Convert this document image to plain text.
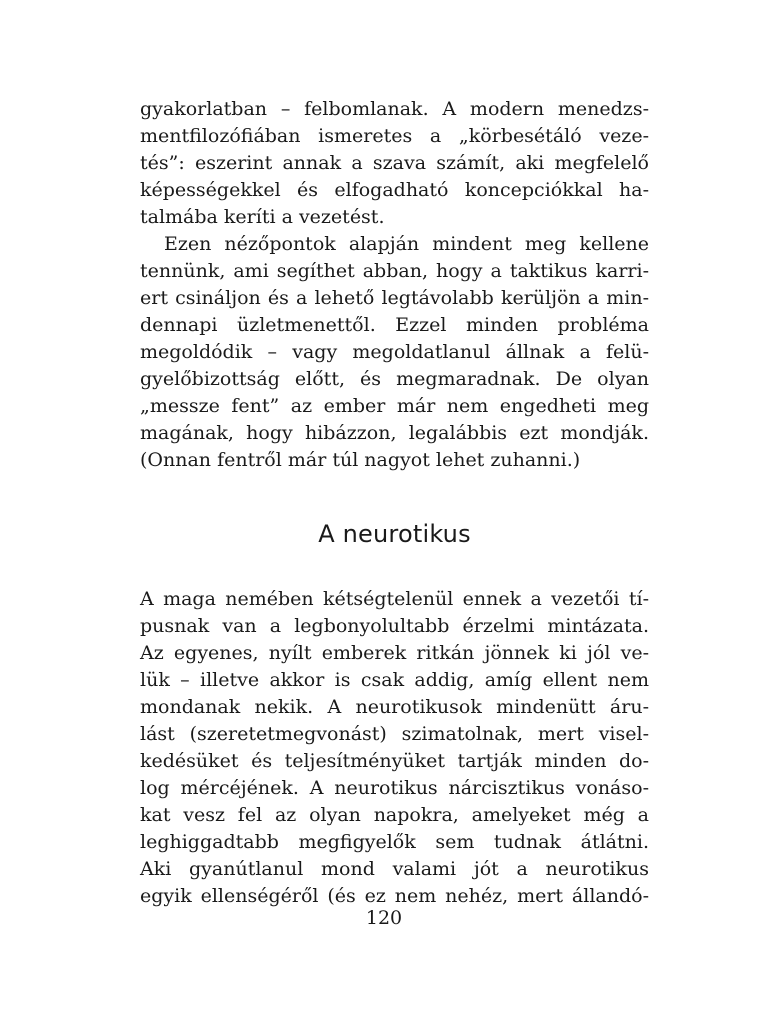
gyakorlatban – felbomlanak. A modern menedzs-
mentfilozófiában ismeretes a „körbesétáló veze-
tés”: eszerint annak a szava számít, aki megfelelő
képességekkel és elfogadható koncepciókkal ha-
talmába keríti a vezetést.

Ezen nézőpontok alapján mindent meg kellene
tennünk, ami segíthet abban, hogy a taktikus karri-
ert csináljon és a lehető legtávolabb kerüljön a min-
dennapi üzletmenettől. Ezzel minden probléma
megoldódik – vagy megoldatlanul állnak a felü-
gyelőbizottság előtt, és megmaradnak. De olyan
„messze fent” az ember már nem engedheti meg
magának, hogy hibázzon, legalábbis ezt mondják.
(Onnan fentről már túl nagyot lehet zuhanni.)

A neurotikus

A maga nemében kétségtelenül ennek a vezetői tí-
pusnak van a legbonyolultabb érzelmi mintázata.
Az egyenes, nyílt emberek ritkán jönnek ki jól ve-
lük – illetve akkor is csak addig, amíg ellent nem
mondanak nekik. A neurotikusok mindenütt áru-
lást (szeretetmegvonást) szimatolnak, mert visel-
kedésüket és teljesítményüket tartják minden do-
log mércéjének. A neurotikus nárcisztikus vonáso-
kat vesz fel az olyan napokra, amelyeket még a
leghiggadtabb megfigyelők sem tudnak átlátni.
Aki gyanútlanul mond valami jót a neurotikus
egyik ellenségéről (és ez nem nehéz, mert állandó-

120
